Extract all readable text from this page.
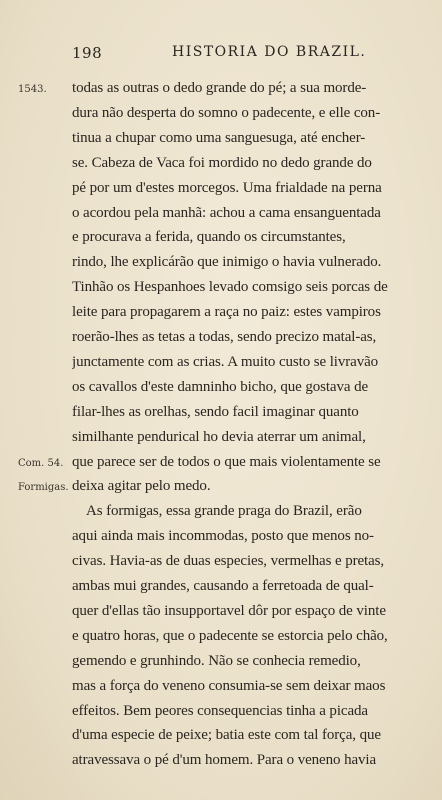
198	HISTORIA DO BRAZIL.
1543.
Com. 54.
Formigas.
todas as outras o dedo grande do pé; a sua morde-
dura não desperta do somno o padecente, e elle con-
tinua a chupar como uma sanguesuga, até encher-
se. Cabeza de Vaca foi mordido no dedo grande do
pé por um d'estes morcegos. Uma frialdade na perna
o acordou pela manhã: achou a cama ensanguentada
e procurava a ferida, quando os circumstantes,
rindo, lhe explicárão que inimigo o havia vulnerado.
Tinhão os Hespanhoes levado comsigo seis porcas de
leite para propagarem a raça no paiz: estes vampiros
roerão-lhes as tetas a todas, sendo precizo matal-as,
junctamente com as crias. A muito custo se livravão
os cavallos d'este damninho bicho, que gostava de
filar-lhes as orelhas, sendo facil imaginar quanto
similhante pendurical ho devia aterrar um animal,
que parece ser de todos o que mais violentamente se
deixa agitar pelo medo.
As formigas, essa grande praga do Brazil, erão
aqui ainda mais incommodas, posto que menos no-
civas. Havia-as de duas especies, vermelhas e pretas,
ambas mui grandes, causando a ferretoada de qual-
quer d'ellas tão insupportavel dôr por espaço de vinte
e quatro horas, que o padecente se estorcia pelo chão,
gemendo e grunhindo. Não se conhecia remedio,
mas a força do veneno consumia-se sem deixar maos
effeitos. Bem peores consequencias tinha a picada
d'uma especie de peixe; batia este com tal força, que
atravessava o pé d'um homem. Para o veneno havia
